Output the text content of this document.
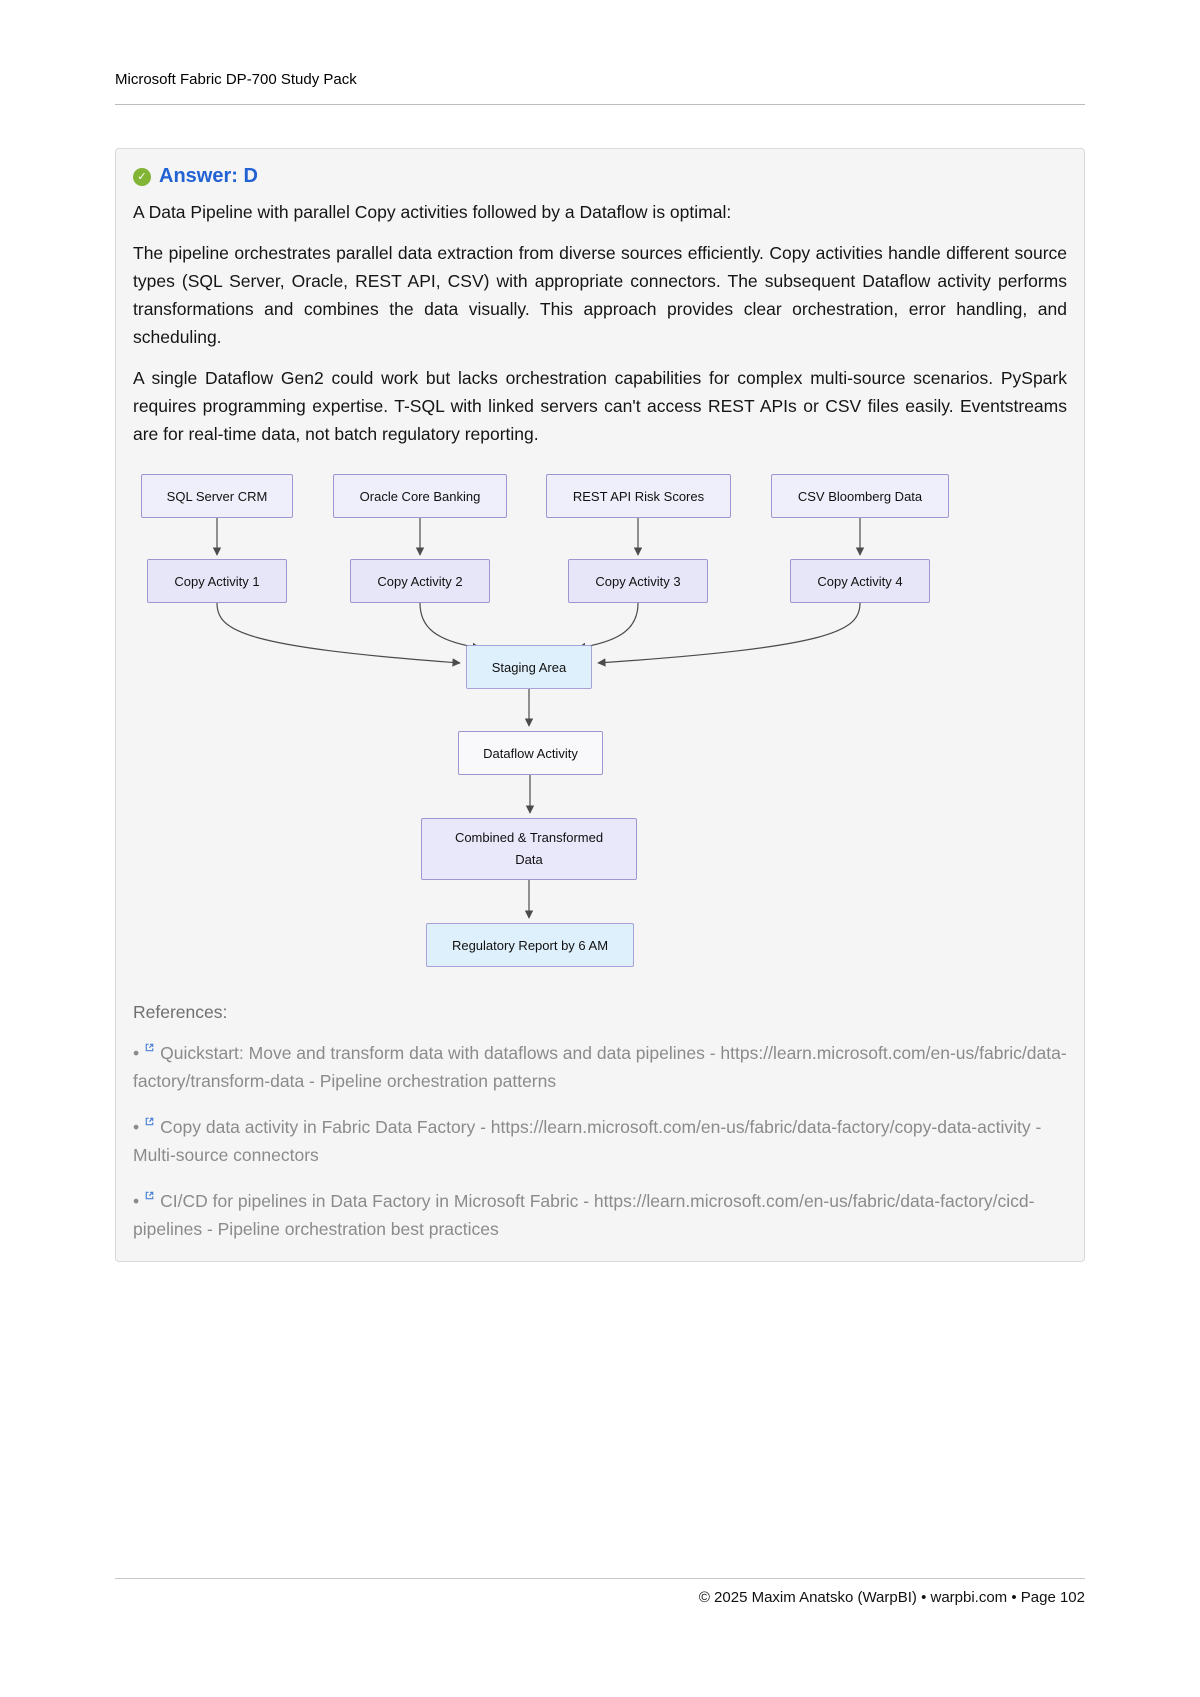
Microsoft Fabric DP-700 Study Pack
✓ Answer: D

A Data Pipeline with parallel Copy activities followed by a Dataflow is optimal:

The pipeline orchestrates parallel data extraction from diverse sources efficiently. Copy activities handle different source types (SQL Server, Oracle, REST API, CSV) with appropriate connectors. The subsequent Dataflow activity performs transformations and combines the data visually. This approach provides clear orchestration, error handling, and scheduling.

A single Dataflow Gen2 could work but lacks orchestration capabilities for complex multi-source scenarios. PySpark requires programming expertise. T-SQL with linked servers can't access REST APIs or CSV files easily. Eventstreams are for real-time data, not batch regulatory reporting.

SQL Server CRM	Oracle Core Banking	REST API Risk Scores	CSV Bloomberg Data
Copy Activity 1	Copy Activity 2	Copy Activity 3	Copy Activity 4
Staging Area
Dataflow Activity
Combined & Transformed Data
Regulatory Report by 6 AM
References:

• Quickstart: Move and transform data with dataflows and data pipelines - https://learn.microsoft.com/en-us/fabric/data-factory/transform-data - Pipeline orchestration patterns

• Copy data activity in Fabric Data Factory - https://learn.microsoft.com/en-us/fabric/data-factory/copy-data-activity - Multi-source connectors

• CI/CD for pipelines in Data Factory in Microsoft Fabric - https://learn.microsoft.com/en-us/fabric/data-factory/cicd-pipelines - Pipeline orchestration best practices

© 2025 Maxim Anatsko (WarpBI) • warpbi.com • Page 102
